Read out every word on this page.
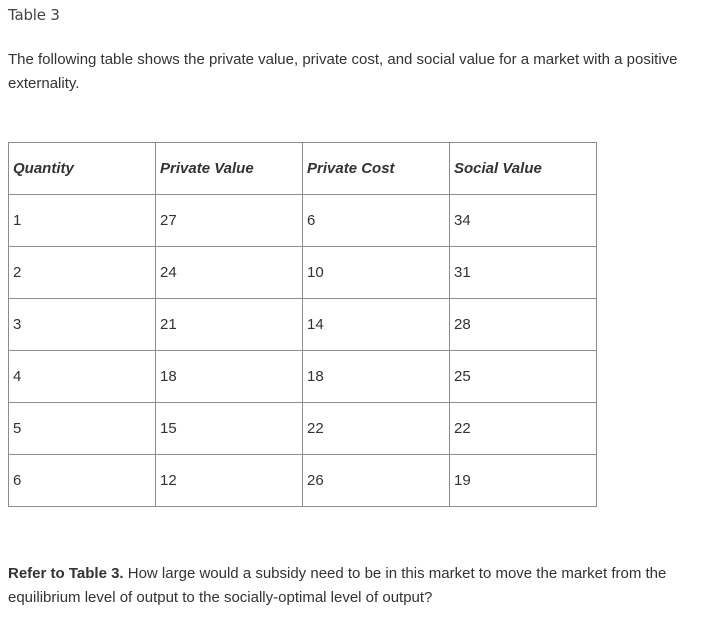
Table 3
The following table shows the private value, private cost, and social value for a market with a positive externality.
Quantity	Private Value	Private Cost	Social Value
1	27	6	34
2	24	10	31
3	21	14	28
4	18	18	25
5	15	22	22
6	12	26	19
Refer to Table 3. How large would a subsidy need to be in this market to move the market from the equilibrium level of output to the socially-optimal level of output?
